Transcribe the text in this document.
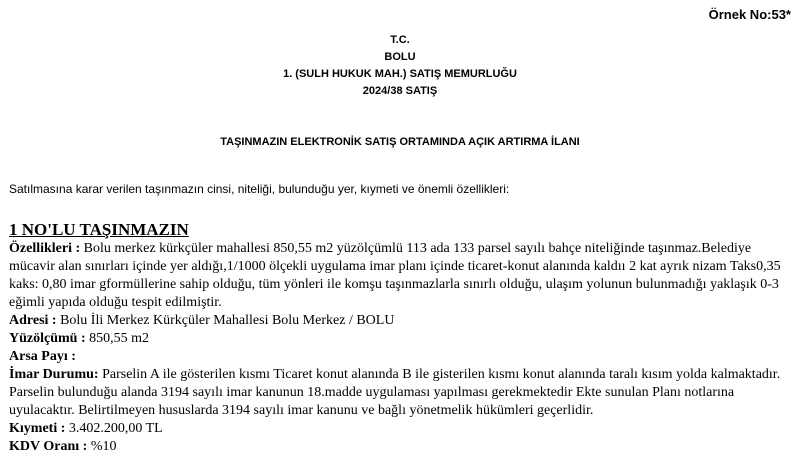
Örnek No:53*
T.C.
BOLU
1. (SULH HUKUK MAH.) SATIŞ MEMURLUĞU
2024/38 SATIŞ
TAŞINMAZIN ELEKTRONİK SATIŞ ORTAMINDA AÇIK ARTIRMA İLANI
Satılmasına karar verilen taşınmazın cinsi, niteliği, bulunduğu yer, kıymeti ve önemli özellikleri:
1 NO'LU TAŞINMAZIN
Özellikleri : Bolu merkez kürkçüler mahallesi 850,55 m2 yüzölçümlü 113 ada 133 parsel sayılı bahçe niteliğinde taşınmaz.Belediye mücavir alan sınırları içinde yer aldığı,1/1000 ölçekli uygulama imar planı içinde ticaret-konut alanında kaldıı 2 kat ayrık nizam Taks0,35 kaks: 0,80 imar gformüllerine sahip olduğu, tüm yönleri ile komşu taşınmazlarla sınırlı olduğu, ulaşım yolunun bulunmadığı yaklaşık 0-3 eğimli yapıda olduğu tespit edilmiştir.
Adresi : Bolu İli Merkez Kürkçüler Mahallesi Bolu Merkez / BOLU
Yüzölçümü : 850,55 m2
Arsa Payı :
İmar Durumu: Parselin A ile gösterilen kısmı Ticaret konut alanında B ile gisterilen kısmı konut alanında taralı kısım yolda kalmaktadır. Parselin bulunduğu alanda 3194 sayılı imar kanunun 18.madde uygulaması yapılması gerekmektedir Ekte sunulan Planı notlarına uyulacaktır. Belirtilmeyen hususlarda 3194 sayılı imar kanunu ve bağlı yönetmelik hükümleri geçerlidir.
Kıymeti : 3.402.200,00 TL
KDV Oranı : %10
